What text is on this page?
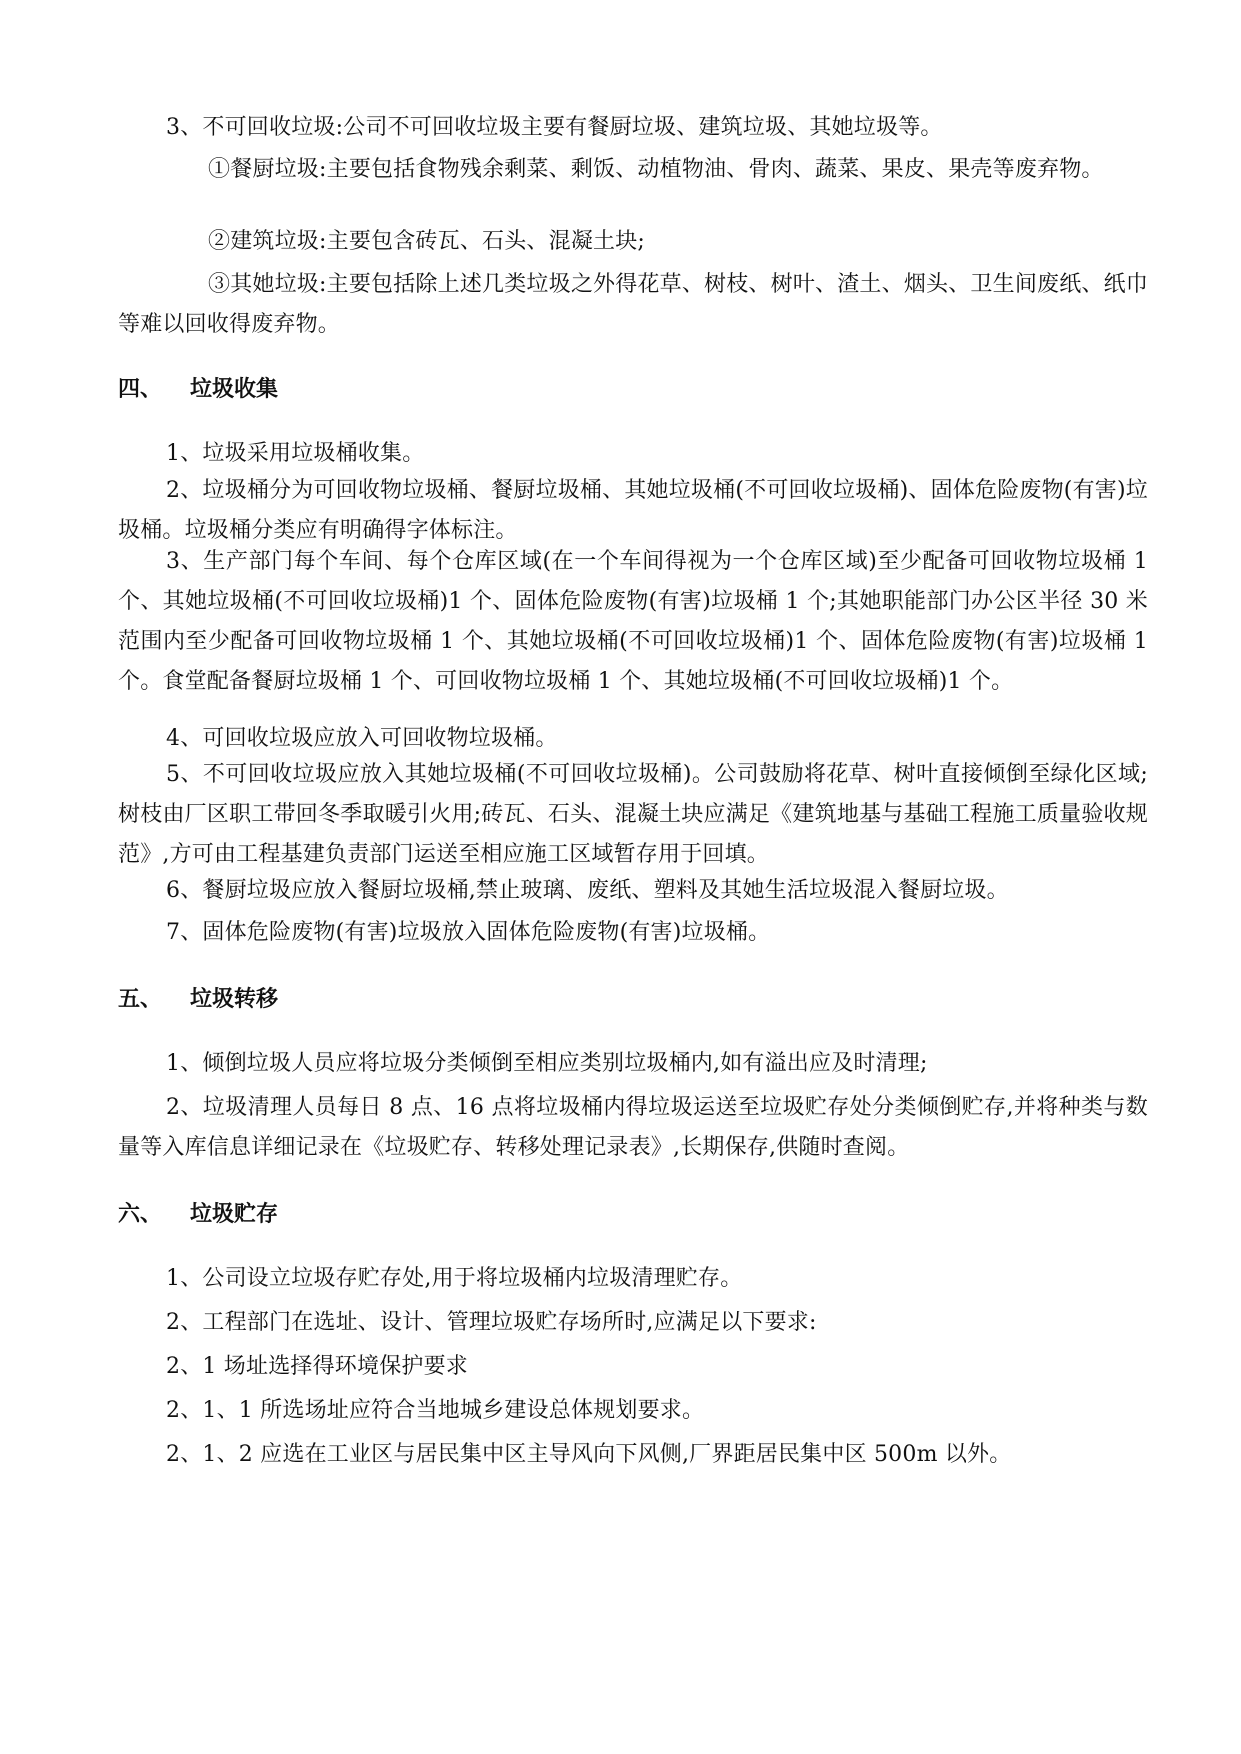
3、不可回收垃圾:公司不可回收垃圾主要有餐厨垃圾、建筑垃圾、其她垃圾等。

①餐厨垃圾:主要包括食物残余剩菜、剩饭、动植物油、骨肉、蔬菜、果皮、果壳等废弃物。

②建筑垃圾:主要包含砖瓦、石头、混凝土块;

③其她垃圾:主要包括除上述几类垃圾之外得花草、树枝、树叶、渣土、烟头、卫生间废纸、纸巾等难以回收得废弃物。

四、 垃圾收集

1、垃圾采用垃圾桶收集。

2、垃圾桶分为可回收物垃圾桶、餐厨垃圾桶、其她垃圾桶(不可回收垃圾桶)、固体危险废物(有害)垃圾桶。垃圾桶分类应有明确得字体标注。

3、生产部门每个车间、每个仓库区域(在一个车间得视为一个仓库区域)至少配备可回收物垃圾桶 1 个、其她垃圾桶(不可回收垃圾桶)1 个、固体危险废物(有害)垃圾桶 1 个;其她职能部门办公区半径 30 米范围内至少配备可回收物垃圾桶 1 个、其她垃圾桶(不可回收垃圾桶)1 个、固体危险废物(有害)垃圾桶 1 个。食堂配备餐厨垃圾桶 1 个、可回收物垃圾桶 1 个、其她垃圾桶(不可回收垃圾桶)1 个。

4、可回收垃圾应放入可回收物垃圾桶。

5、不可回收垃圾应放入其她垃圾桶(不可回收垃圾桶)。公司鼓励将花草、树叶直接倾倒至绿化区域;树枝由厂区职工带回冬季取暖引火用;砖瓦、石头、混凝土块应满足《建筑地基与基础工程施工质量验收规范》,方可由工程基建负责部门运送至相应施工区域暂存用于回填。

6、餐厨垃圾应放入餐厨垃圾桶,禁止玻璃、废纸、塑料及其她生活垃圾混入餐厨垃圾。

7、固体危险废物(有害)垃圾放入固体危险废物(有害)垃圾桶。

五、 垃圾转移

1、倾倒垃圾人员应将垃圾分类倾倒至相应类别垃圾桶内,如有溢出应及时清理;

2、垃圾清理人员每日 8 点、16 点将垃圾桶内得垃圾运送至垃圾贮存处分类倾倒贮存,并将种类与数量等入库信息详细记录在《垃圾贮存、转移处理记录表》,长期保存,供随时查阅。

六、 垃圾贮存

1、公司设立垃圾存贮存处,用于将垃圾桶内垃圾清理贮存。

2、工程部门在选址、设计、管理垃圾贮存场所时,应满足以下要求:

2、1 场址选择得环境保护要求

2、1、1 所选场址应符合当地城乡建设总体规划要求。

2、1、2 应选在工业区与居民集中区主导风向下风侧,厂界距居民集中区 500m 以外。
